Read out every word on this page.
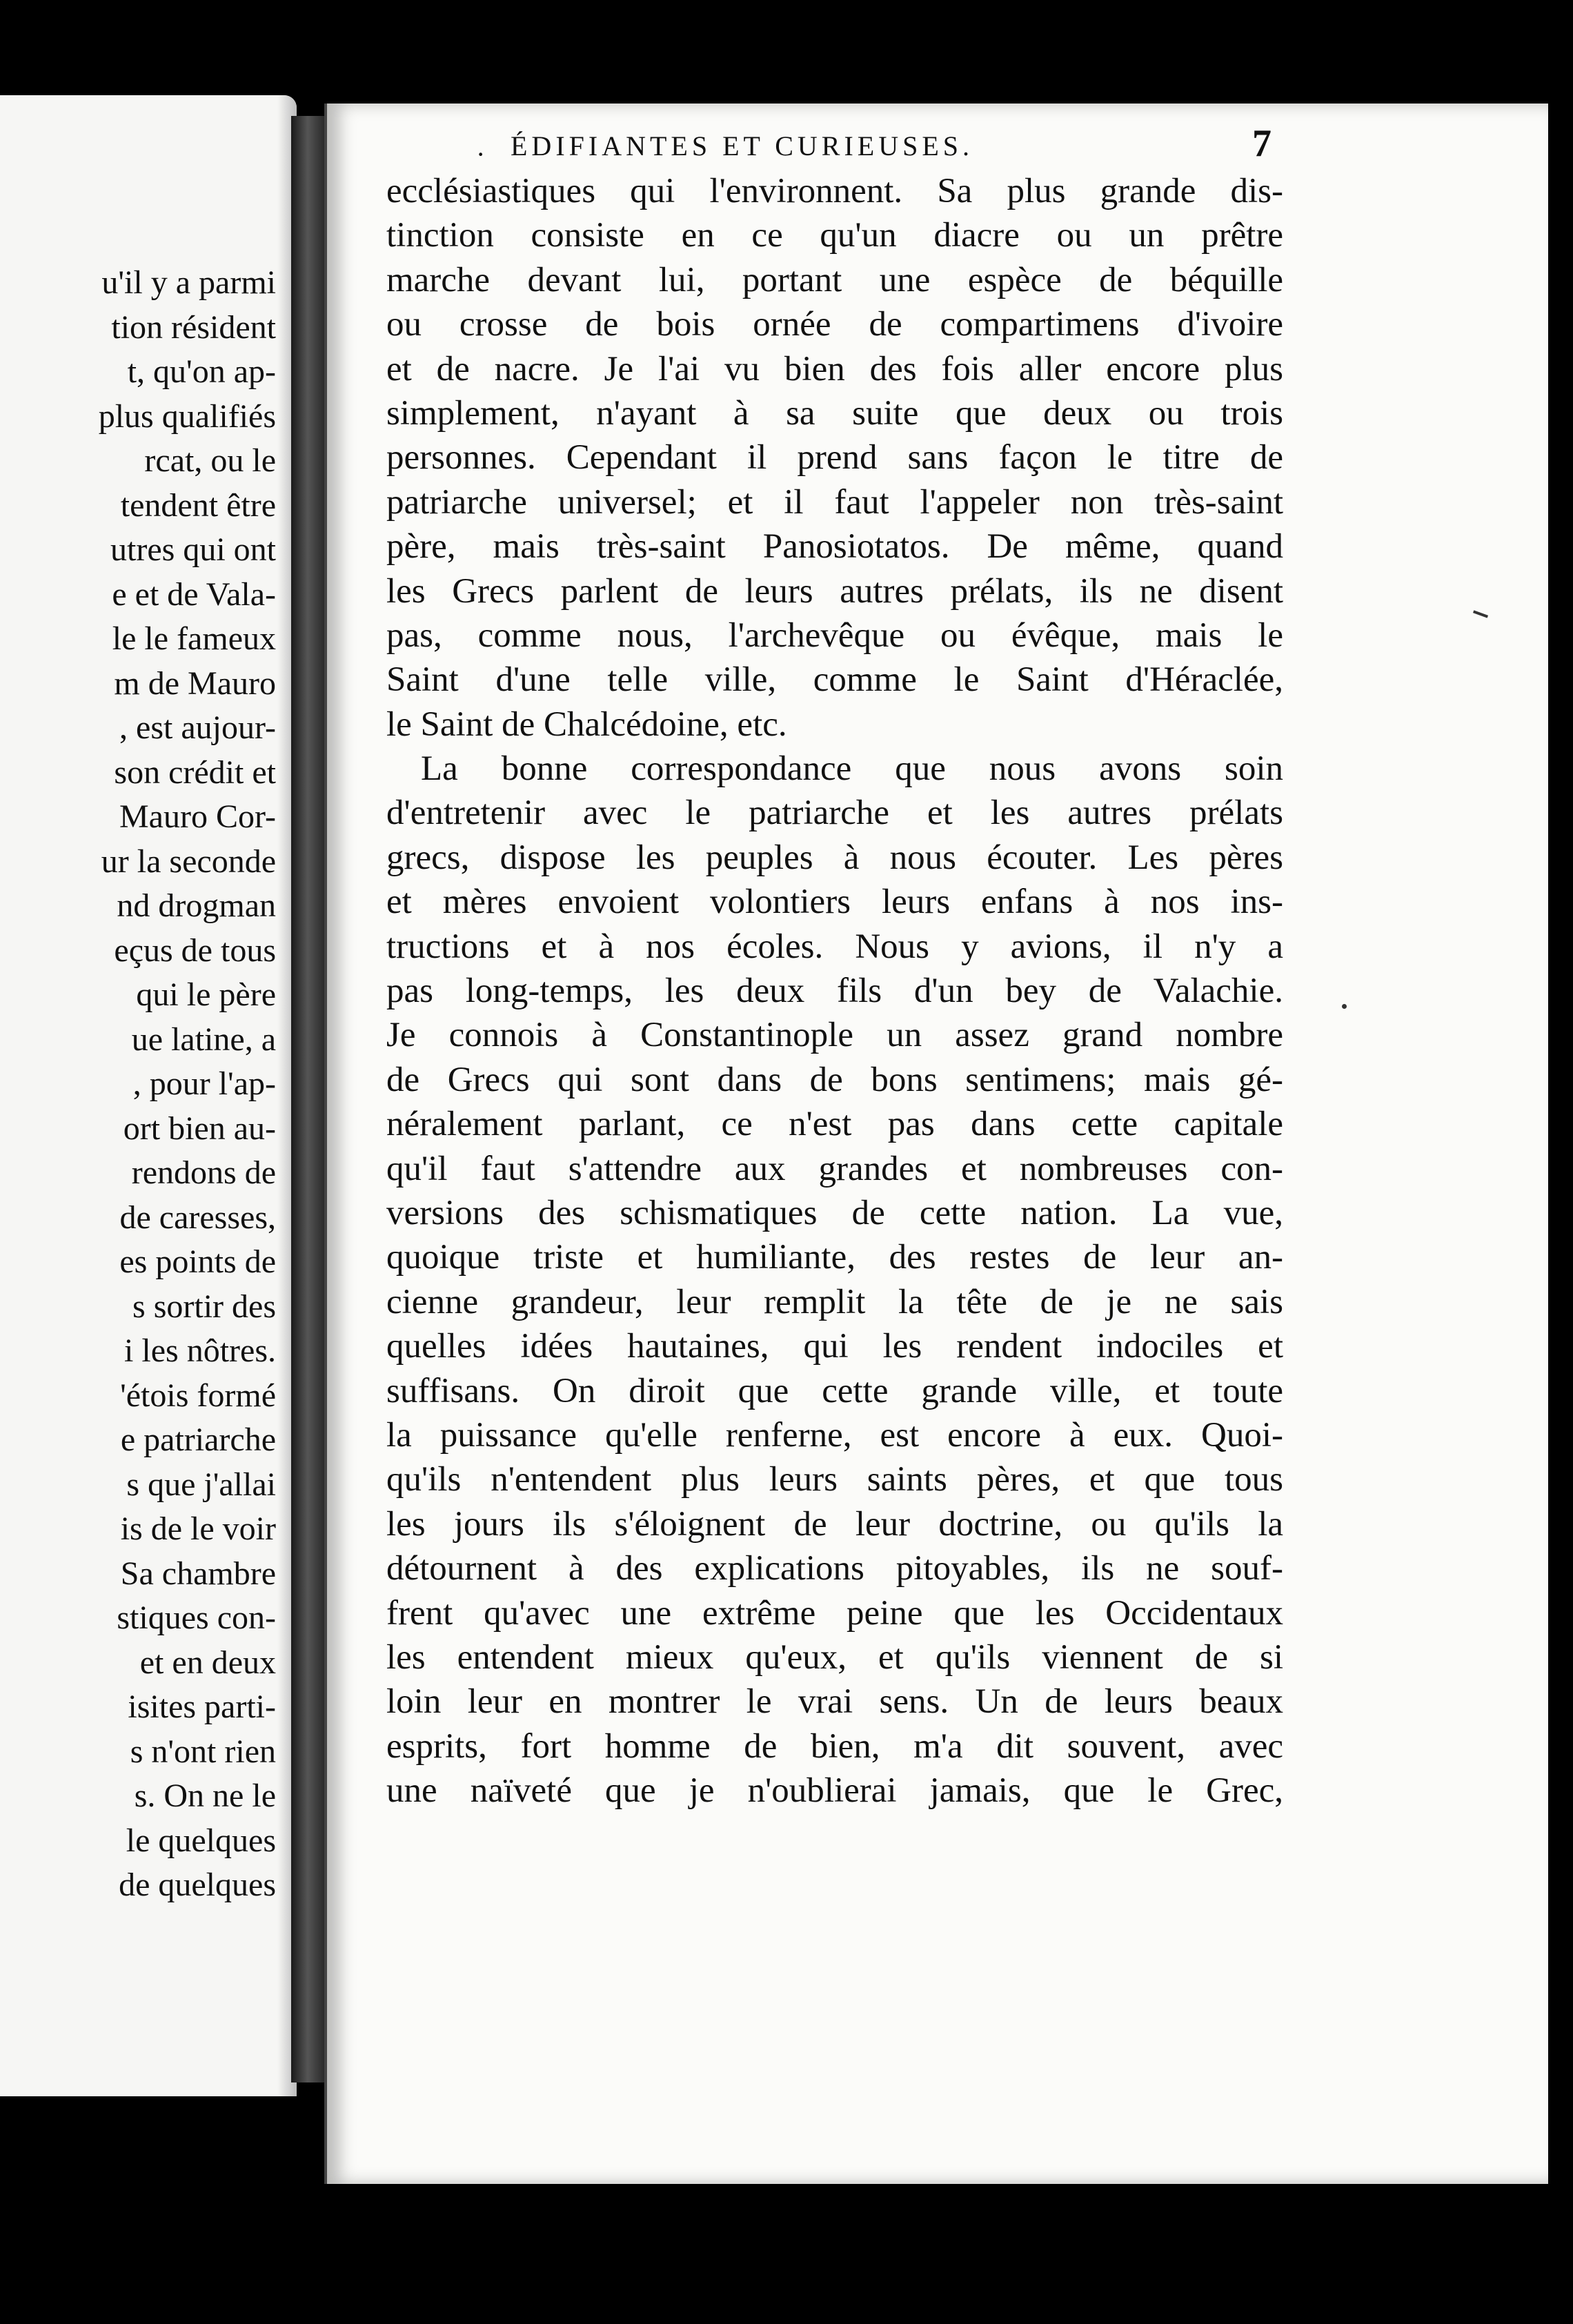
u'il y a parmi
tion résident
t, qu'on ap-
plus qualifiés
rcat, ou le
tendent être
utres qui ont
e et de Vala-
le le fameux
m de Mauro
, est aujour-
son crédit et
Mauro Cor-
ur la seconde
nd drogman
eçus de tous
qui le père
ue latine, a
, pour l'ap-
ort bien au-
rendons de
de caresses,
es points de
s sortir des
i les nôtres.
'étois formé
e patriarche
s que j'allai
is de le voir
Sa chambre
stiques con-
et en deux
isites parti-
s n'ont rien
s. On ne le
le quelques
de quelques
· ÉDIFIANTES ET CURIEUSES.	7
ecclésiastiques qui l'environnent. Sa plus grande dis-
tinction consiste en ce qu'un diacre ou un prêtre
marche devant lui, portant une espèce de béquille
ou crosse de bois ornée de compartimens d'ivoire
et de nacre. Je l'ai vu bien des fois aller encore plus
simplement, n'ayant à sa suite que deux ou trois
personnes. Cependant il prend sans façon le titre de
patriarche universel; et il faut l'appeler non très-saint
père, mais très-saint Panosiotatos. De même, quand
les Grecs parlent de leurs autres prélats, ils ne disent
pas, comme nous, l'archevêque ou évêque, mais le
Saint d'une telle ville, comme le Saint d'Héraclée,
le Saint de Chalcédoine, etc.
La bonne correspondance que nous avons soin
d'entretenir avec le patriarche et les autres prélats
grecs, dispose les peuples à nous écouter. Les pères
et mères envoient volontiers leurs enfans à nos ins-
tructions et à nos écoles. Nous y avions, il n'y a
pas long-temps, les deux fils d'un bey de Valachie.
Je connois à Constantinople un assez grand nombre
de Grecs qui sont dans de bons sentimens; mais gé-
néralement parlant, ce n'est pas dans cette capitale
qu'il faut s'attendre aux grandes et nombreuses con-
versions des schismatiques de cette nation. La vue,
quoique triste et humiliante, des restes de leur an-
cienne grandeur, leur remplit la tête de je ne sais
quelles idées hautaines, qui les rendent indociles et
suffisans. On diroit que cette grande ville, et toute
la puissance qu'elle renferne, est encore à eux. Quoi-
qu'ils n'entendent plus leurs saints pères, et que tous
les jours ils s'éloignent de leur doctrine, ou qu'ils la
détournent à des explications pitoyables, ils ne souf-
frent qu'avec une extrême peine que les Occidentaux
les entendent mieux qu'eux, et qu'ils viennent de si
loin leur en montrer le vrai sens. Un de leurs beaux
esprits, fort homme de bien, m'a dit souvent, avec
une naïveté que je n'oublierai jamais, que le Grec,
